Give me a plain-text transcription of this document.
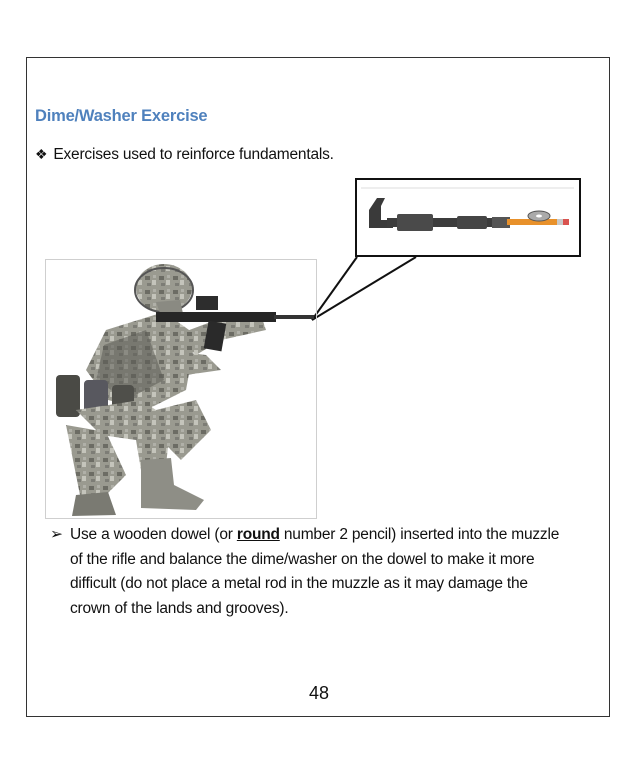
Dime/Washer Exercise
❖ Exercises used to reinforce fundamentals.
➢ Use a wooden dowel (or round number 2 pencil) inserted into the muzzle
of the rifle and balance the dime/washer on the dowel to make it more
difficult (do not place a metal rod in the muzzle as it may damage the
crown of the lands and grooves).
48
